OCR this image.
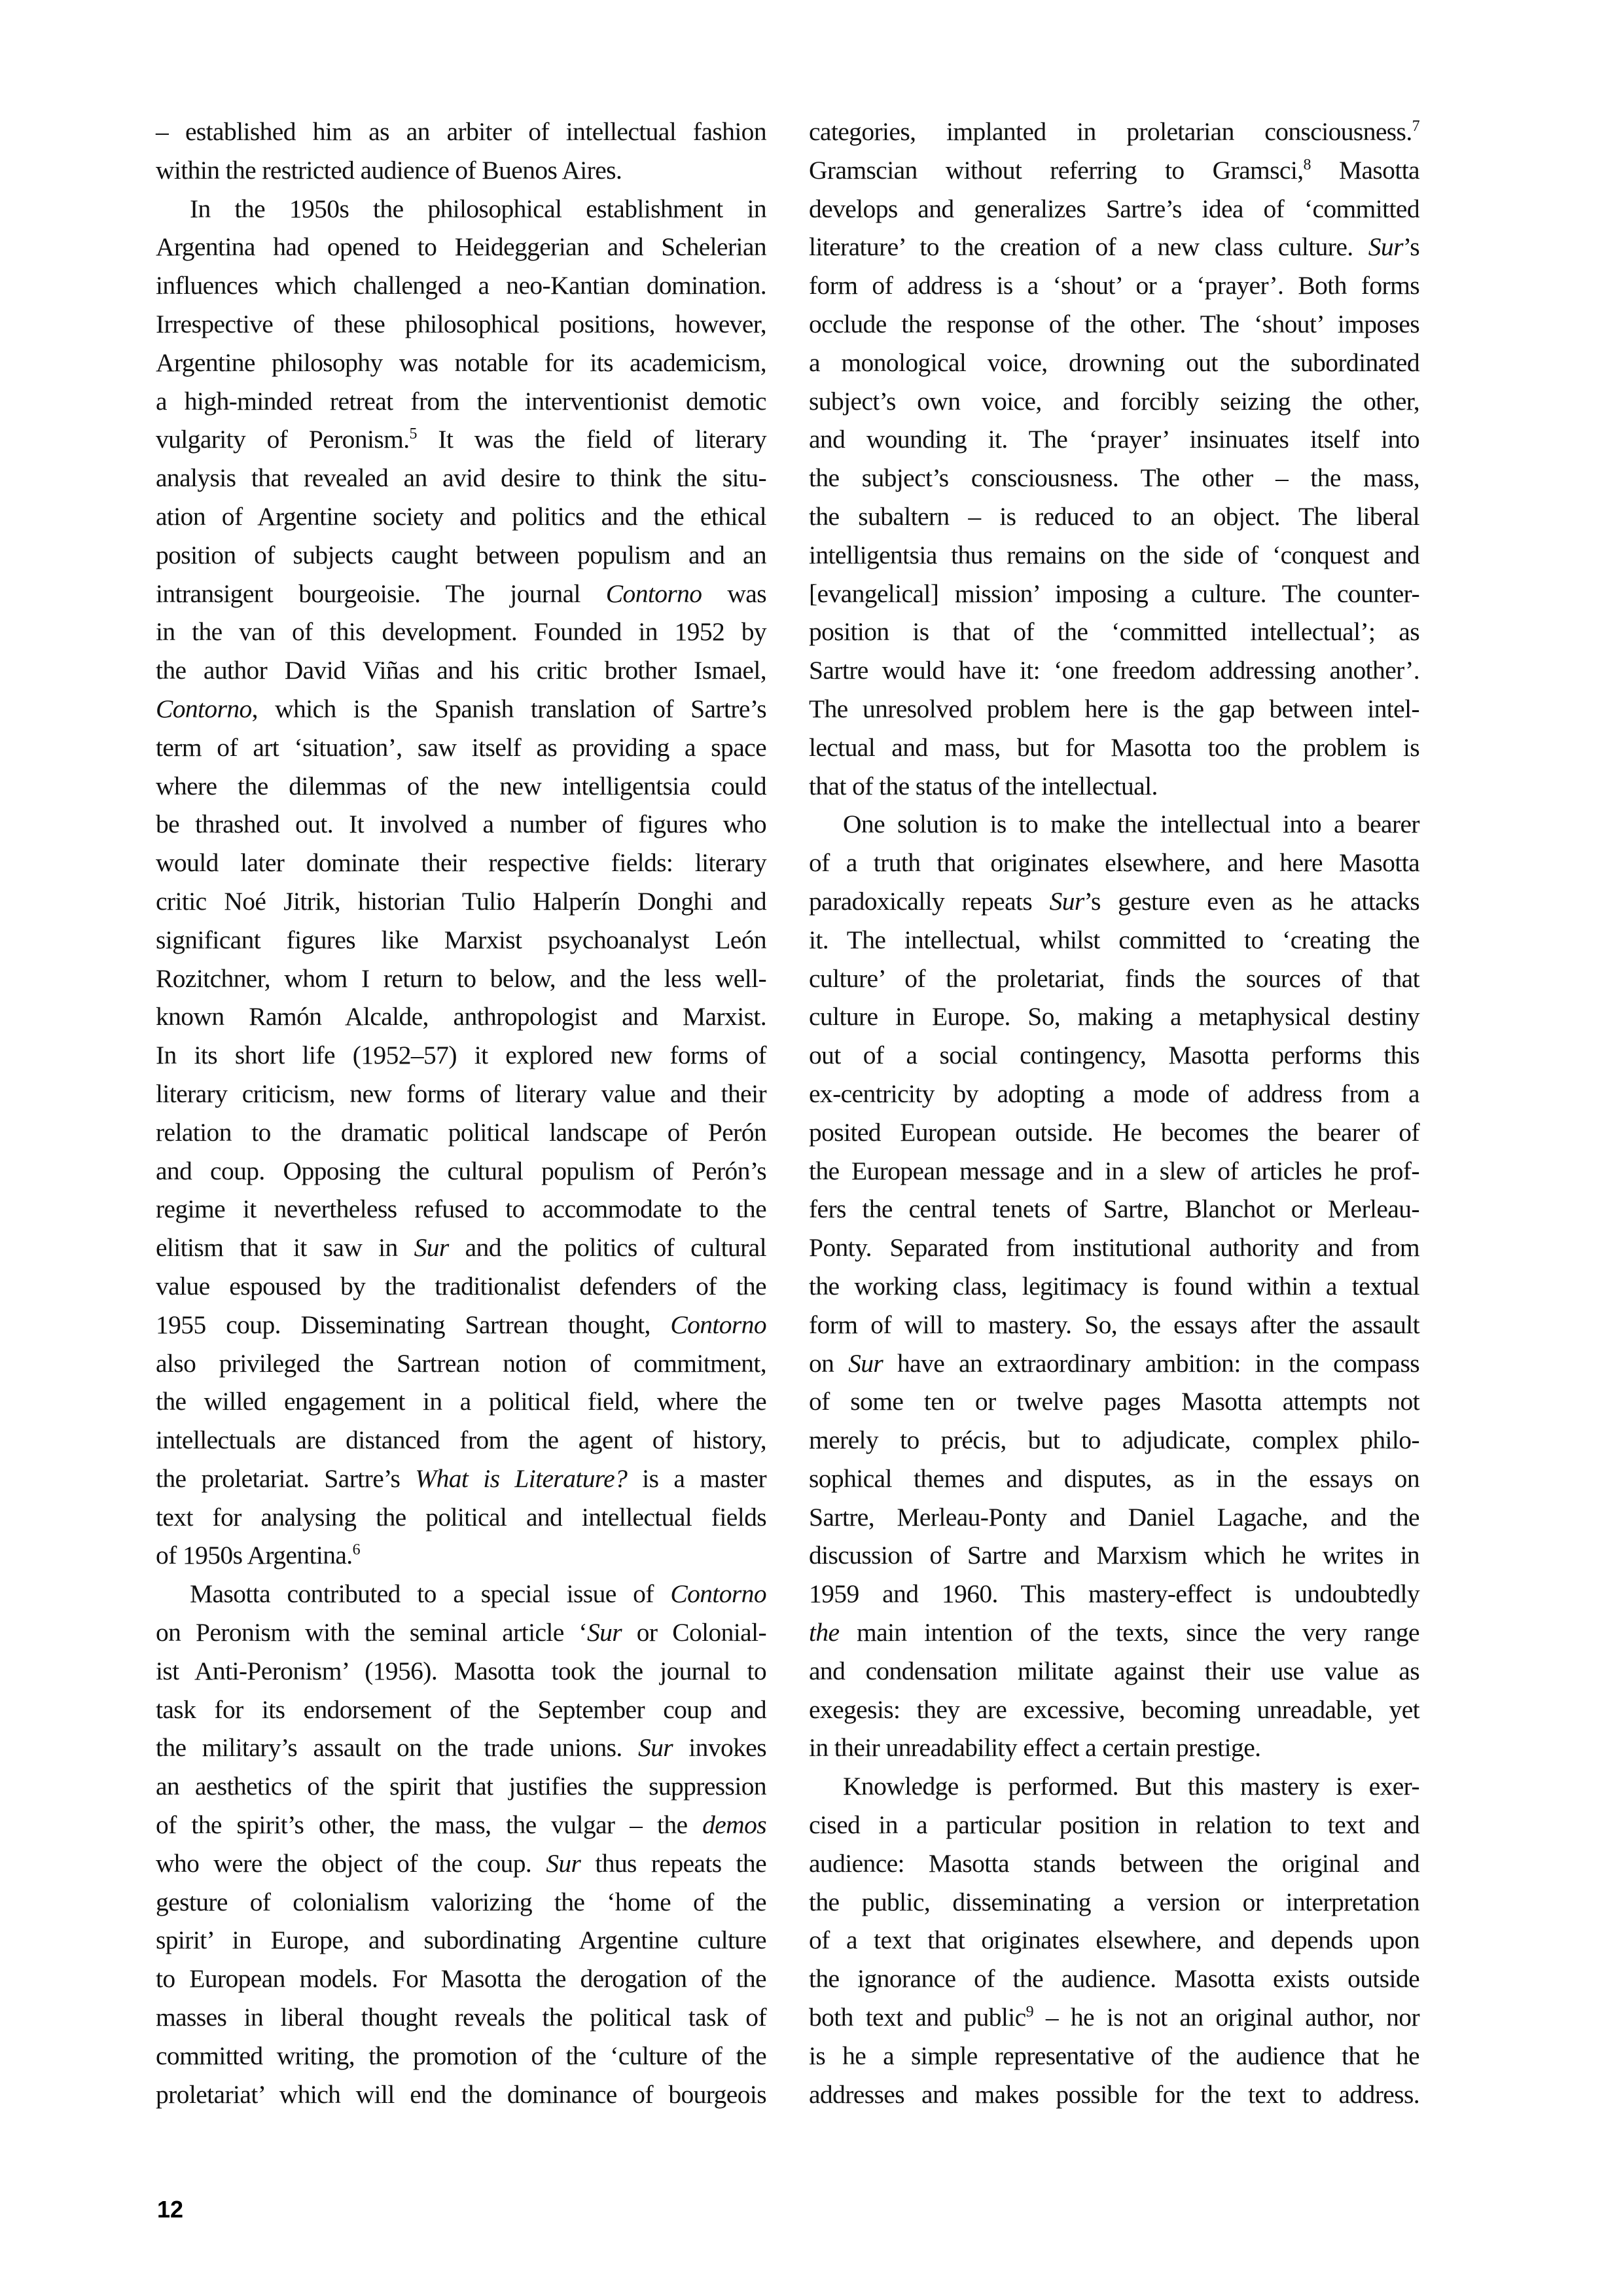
– established him as an arbiter of intellectual fashion
within the restricted audience of Buenos Aires.
In the 1950s the philosophical establishment in
Argentina had opened to Heideggerian and Schelerian
influences which challenged a neo-Kantian domination.
Irrespective of these philosophical positions, however,
Argentine philosophy was notable for its academicism,
a high-minded retreat from the interventionist demotic
vulgarity of Peronism.$^5$ It was the field of literary
analysis that revealed an avid desire to think the situ-
ation of Argentine society and politics and the ethical
position of subjects caught between populism and an
intransigent bourgeoisie. The journal Contorno was
in the van of this development. Founded in 1952 by
the author David Viñas and his critic brother Ismael,
Contorno, which is the Spanish translation of Sartre’s
term of art ‘situation’, saw itself as providing a space
where the dilemmas of the new intelligentsia could
be thrashed out. It involved a number of figures who
would later dominate their respective fields: literary
critic Noé Jitrik, historian Tulio Halperín Donghi and
significant figures like Marxist psychoanalyst León
Rozitchner, whom I return to below, and the less well-
known Ramón Alcalde, anthropologist and Marxist.
In its short life (1952–57) it explored new forms of
literary criticism, new forms of literary value and their
relation to the dramatic political landscape of Perón
and coup. Opposing the cultural populism of Perón’s
regime it nevertheless refused to accommodate to the
elitism that it saw in Sur and the politics of cultural
value espoused by the traditionalist defenders of the
1955 coup. Disseminating Sartrean thought, Contorno
also privileged the Sartrean notion of commitment,
the willed engagement in a political field, where the
intellectuals are distanced from the agent of history,
the proletariat. Sartre’s What is Literature? is a master
text for analysing the political and intellectual fields
of 1950s Argentina.$^6$
Masotta contributed to a special issue of Contorno
on Peronism with the seminal article ‘Sur or Colonial-
ist Anti-Peronism’ (1956). Masotta took the journal to
task for its endorsement of the September coup and
the military’s assault on the trade unions. Sur invokes
an aesthetics of the spirit that justifies the suppression
of the spirit’s other, the mass, the vulgar – the demos
who were the object of the coup. Sur thus repeats the
gesture of colonialism valorizing the ‘home of the
spirit’ in Europe, and subordinating Argentine culture
to European models. For Masotta the derogation of the
masses in liberal thought reveals the political task of
committed writing, the promotion of the ‘culture of the
proletariat’ which will end the dominance of bourgeois
categories, implanted in proletarian consciousness.$^7$
Gramscian without referring to Gramsci,$^8$ Masotta
develops and generalizes Sartre’s idea of ‘committed
literature’ to the creation of a new class culture. Sur’s
form of address is a ‘shout’ or a ‘prayer’. Both forms
occlude the response of the other. The ‘shout’ imposes
a monological voice, drowning out the subordinated
subject’s own voice, and forcibly seizing the other,
and wounding it. The ‘prayer’ insinuates itself into
the subject’s consciousness. The other – the mass,
the subaltern – is reduced to an object. The liberal
intelligentsia thus remains on the side of ‘conquest and
[evangelical] mission’ imposing a culture. The counter-
position is that of the ‘committed intellectual’; as
Sartre would have it: ‘one freedom addressing another’.
The unresolved problem here is the gap between intel-
lectual and mass, but for Masotta too the problem is
that of the status of the intellectual.
One solution is to make the intellectual into a bearer
of a truth that originates elsewhere, and here Masotta
paradoxically repeats Sur’s gesture even as he attacks
it. The intellectual, whilst committed to ‘creating the
culture’ of the proletariat, finds the sources of that
culture in Europe. So, making a metaphysical destiny
out of a social contingency, Masotta performs this
ex-centricity by adopting a mode of address from a
posited European outside. He becomes the bearer of
the European message and in a slew of articles he prof-
fers the central tenets of Sartre, Blanchot or Merleau-
Ponty. Separated from institutional authority and from
the working class, legitimacy is found within a textual
form of will to mastery. So, the essays after the assault
on Sur have an extraordinary ambition: in the compass
of some ten or twelve pages Masotta attempts not
merely to précis, but to adjudicate, complex philo-
sophical themes and disputes, as in the essays on
Sartre, Merleau-Ponty and Daniel Lagache, and the
discussion of Sartre and Marxism which he writes in
1959 and 1960. This mastery-effect is undoubtedly
the main intention of the texts, since the very range
and condensation militate against their use value as
exegesis: they are excessive, becoming unreadable, yet
in their unreadability effect a certain prestige.
Knowledge is performed. But this mastery is exer-
cised in a particular position in relation to text and
audience: Masotta stands between the original and
the public, disseminating a version or interpretation
of a text that originates elsewhere, and depends upon
the ignorance of the audience. Masotta exists outside
both text and public$^9$ – he is not an original author, nor
is he a simple representative of the audience that he
addresses and makes possible for the text to address.
12
